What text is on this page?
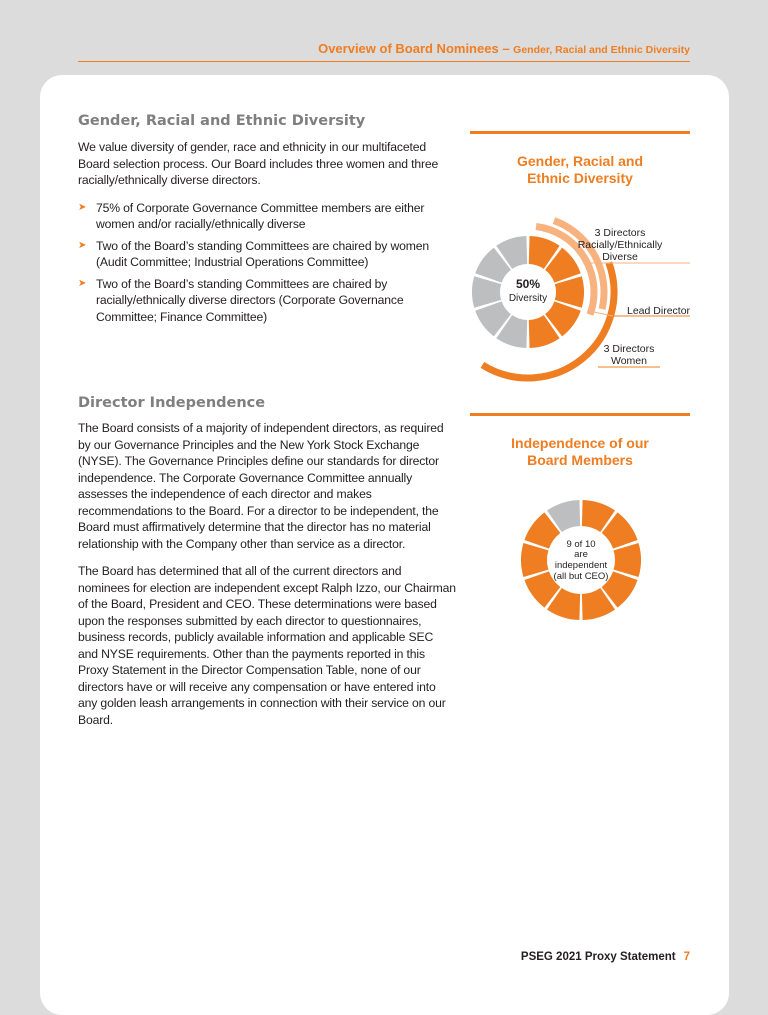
Overview of Board Nominees – Gender, Racial and Ethnic Diversity
Gender, Racial and Ethnic Diversity

We value diversity of gender, race and ethnicity in our multifaceted Board selection process. Our Board includes three women and three racially/ethnically diverse directors.

➤ 75% of Corporate Governance Committee members are either women and/or racially/ethnically diverse
➤ Two of the Board’s standing Committees are chaired by women (Audit Committee; Industrial Operations Committee)
➤ Two of the Board’s standing Committees are chaired by racially/ethnically diverse directors (Corporate Governance Committee; Finance Committee)
Director Independence

The Board consists of a majority of independent directors, as required by our Governance Principles and the New York Stock Exchange (NYSE). The Governance Principles define our standards for director independence. The Corporate Governance Committee annually assesses the independence of each director and makes recommendations to the Board. For a director to be independent, the Board must affirmatively determine that the director has no material relationship with the Company other than service as a director.

The Board has determined that all of the current directors and nominees for election are independent except Ralph Izzo, our Chairman of the Board, President and CEO. These determinations were based upon the responses submitted by each director to questionnaires, business records, publicly available information and applicable SEC and NYSE requirements. Other than the payments reported in this Proxy Statement in the Director Compensation Table, none of our directors have or will receive any compensation or have entered into any golden leash arrangements in connection with their service on our Board.

Gender, Racial and
Ethnic Diversity
50%
Diversity
3 Directors
Racially/Ethnically
Diverse
Lead Director
3 Directors
Women
Independence of our
Board Members
9 of 10
are
independent
(all but CEO)
PSEG 2021 Proxy Statement 7
